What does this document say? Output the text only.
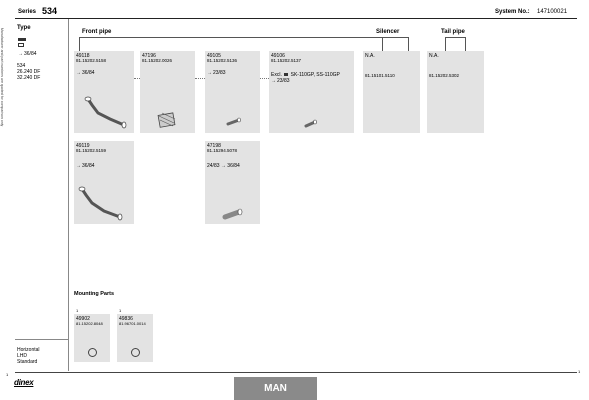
Series 534	System No.: 147100021
Manufacturer and part numbers are quoted for comparison only Type
→ 36/84
534
26.240 DF
32.240 DF
Horizontal
LHD
Standard
Front pipe	Silencer	Tail pipe
49118
81.15202.5158
→ 36/84
47196
81.15202.0026
49105
81.15202.5136
→ 23/83
49106
81.15202.5137
Excl. SK-110GP, SS-110GP
→ 23/83
N.A.
81.15101.5110
N.A.
81.15202.5302
49119
81.15202.5159
→ 36/84
47198
81.15294.5078
24/83 → 36/84
Mounting Parts
1
49902
81.15202.8048
1
49836
81.96701.0014
1
1
dinex
MAN
